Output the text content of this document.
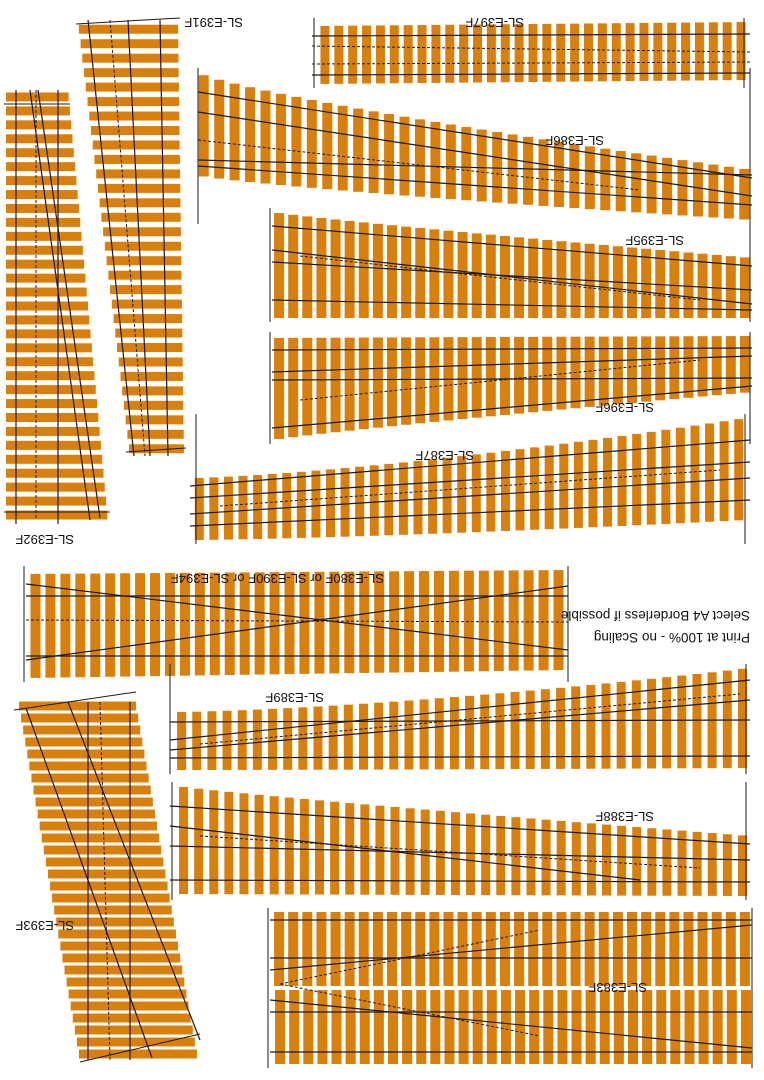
SL-E397F
SL-E386F
SL-E395F
SL-E396F
SL-E387F
SL-E391F
SL-E392F
SL-E380F or SL-E390F or SL-E394F
SL-E389F
SL-E388F
SL-E383F
SL-E393F
Print at 100% - no Scaling
Select A4 Borderless if possible
